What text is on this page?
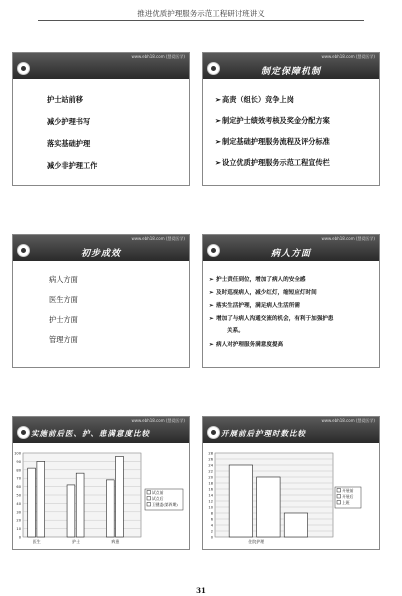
推进优质护理服务示范工程研讨班讲义
www.ebh18.com (慧爱医学)
护士站前移
减少护理书写
落实基础护理
减少非护理工作
www.ebh18.com (慧爱医学)
制定保障机制
➢高责（组长）竞争上岗
➢制定护士绩效考核及奖金分配方案
➢制定基础护理服务流程及评分标准
➢设立优质护理服务示范工程宣传栏
www.ebh18.com (慧爱医学)
初步成效
病人方面
医生方面
护士方面
管理方面
www.ebh18.com (慧爱医学)
病人方面
➢ 护士责任到位，增加了病人的安全感
➢ 及时巡视病人，减少红灯，缩短应灯时间
➢ 落实生活护理，满足病人生活所需
➢ 增加了与病人沟通交流的机会，有利于加强护患
关系。
➢ 病人对护理服务满意度提高
www.ebh18.com (慧爱医学)
实施前后医、护、患满意度比较
0
10
20
30
40
50
60
70
80
90
100
医生	护士	病患
试点前
试点后
卫健委(第四期)
www.ebh18.com (慧爱医学)
开展前后护理时数比较
0
2
4
6
8
10
12
14
16
18
20
22
24
26
28
住院护理
开展前
开展后
上班
31
